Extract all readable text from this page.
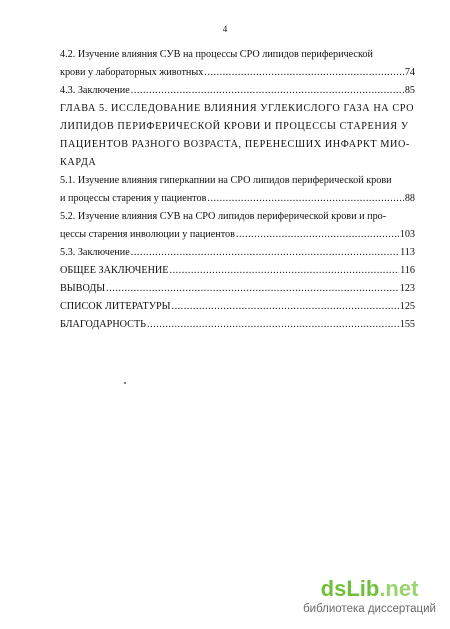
4
4.2. Изучение влияния СУВ на процессы СРО липидов периферической
крови у лабораторных животных .....	74
4.3. Заключение .....	85
ГЛАВА 5. ИССЛЕДОВАНИЕ ВЛИЯНИЯ УГЛЕКИСЛОГО ГАЗА НА СРО
ЛИПИДОВ ПЕРИФЕРИЧЕСКОЙ КРОВИ И ПРОЦЕССЫ СТАРЕНИЯ У
ПАЦИЕНТОВ РАЗНОГО ВОЗРАСТА, ПЕРЕНЕСШИХ ИНФАРКТ МИО-
КАРДА
5.1. Изучение влияния гиперкапнии на СРО липидов периферической крови
и процессы старения у пациентов .....	88
5.2. Изучение влияния СУВ на СРО липидов периферической крови и про-
цессы старения инволюции у пациентов .....	103
5.3. Заключение .....	113
ОБЩЕЕ ЗАКЛЮЧЕНИЕ .....	116
ВЫВОДЫ .....	123
СПИСОК ЛИТЕРАТУРЫ .....	125
БЛАГОДАРНОСТЬ .....	155
dsLib.net
библиотека диссертаций
